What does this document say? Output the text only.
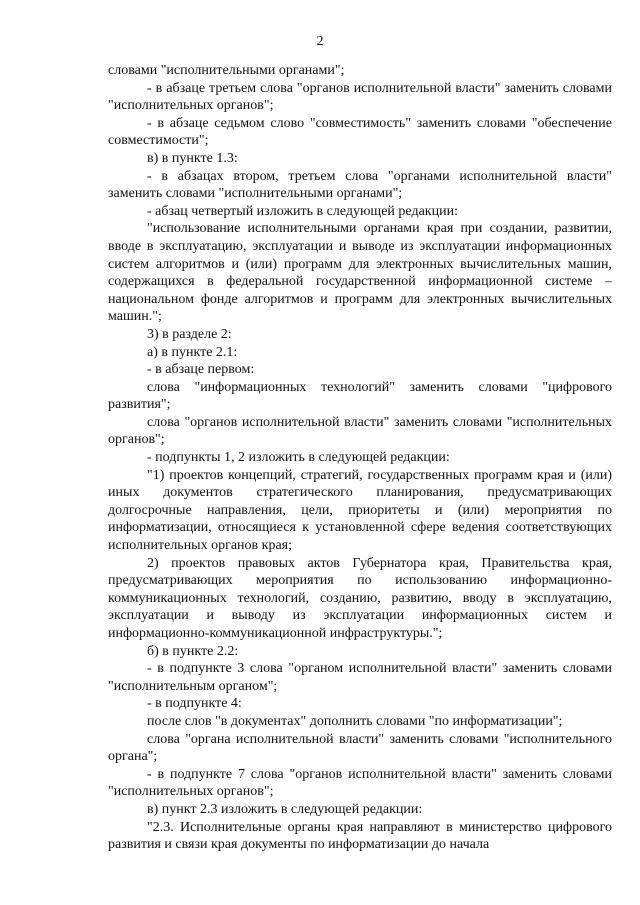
2

словами "исполнительными органами";

- в абзаце третьем слова "органов исполнительной власти" заменить словами "исполнительных органов";

- в абзаце седьмом слово "совместимость" заменить словами "обеспечение совместимости";

в) в пункте 1.3:

- в абзацах втором, третьем слова "органами исполнительной власти" заменить словами "исполнительными органами";

- абзац четвертый изложить в следующей редакции:

"использование исполнительными органами края при создании, развитии, вводе в эксплуатацию, эксплуатации и выводе из эксплуатации информационных систем алгоритмов и (или) программ для электронных вычислительных машин, содержащихся в федеральной государственной информационной системе – национальном фонде алгоритмов и программ для электронных вычислительных машин.";

3) в разделе 2:

а) в пункте 2.1:

- в абзаце первом:

слова "информационных технологий" заменить словами "цифрового развития";

слова "органов исполнительной власти" заменить словами "исполнительных органов";

- подпункты 1, 2 изложить в следующей редакции:

"1) проектов концепций, стратегий, государственных программ края и (или) иных документов стратегического планирования, предусматривающих долгосрочные направления, цели, приоритеты и (или) мероприятия по информатизации, относящиеся к установленной сфере ведения соответствующих исполнительных органов края;

2) проектов правовых актов Губернатора края, Правительства края, предусматривающих мероприятия по использованию информационно-коммуникационных технологий, созданию, развитию, вводу в эксплуатацию, эксплуатации и выводу из эксплуатации информационных систем и информационно-коммуникационной инфраструктуры.";

б) в пункте 2.2:

- в подпункте 3 слова "органом исполнительной власти" заменить словами "исполнительным органом";

- в подпункте 4:

после слов "в документах" дополнить словами "по информатизации";

слова "органа исполнительной власти" заменить словами "исполнительного органа";

- в подпункте 7 слова "органов исполнительной власти" заменить словами "исполнительных органов";

в) пункт 2.3 изложить в следующей редакции:

"2.3. Исполнительные органы края направляют в министерство цифрового развития и связи края документы по информатизации до начала
